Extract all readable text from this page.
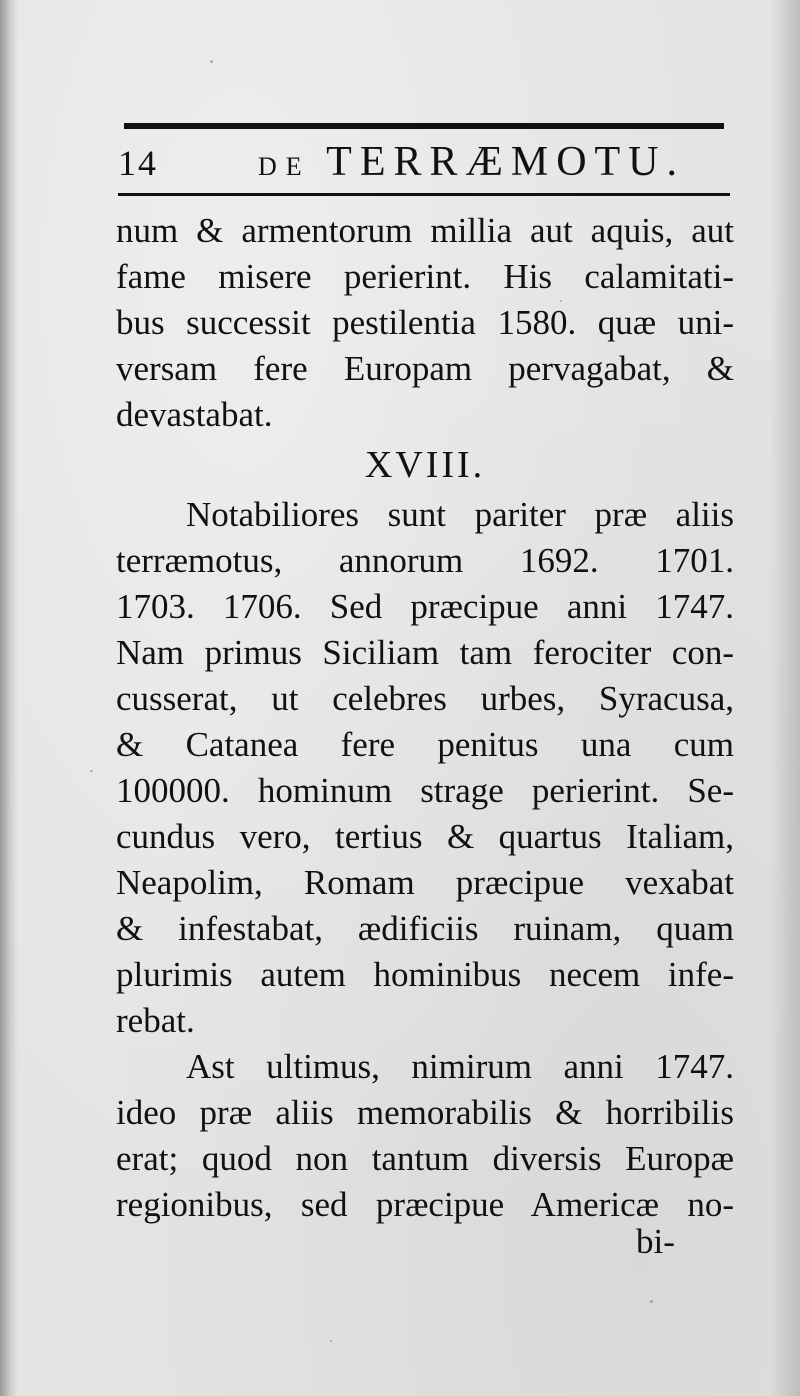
14	DE TERRÆMOTU.
num & armentorum millia aut aquis, aut
fame misere perierint. His calamitati-
bus successit pestilentia 1580. quæ uni-
versam fere Europam pervagabat, &
devastabat.
XVIII.
Notabiliores sunt pariter præ aliis
terræmotus, annorum 1692. 1701.
1703. 1706. Sed præcipue anni 1747.
Nam primus Siciliam tam ferociter con-
cusserat, ut celebres urbes, Syracusa,
& Catanea fere penitus una cum
100000. hominum strage perierint. Se-
cundus vero, tertius & quartus Italiam,
Neapolim, Romam præcipue vexabat
& infestabat, ædificiis ruinam, quam
plurimis autem hominibus necem infe-
rebat.
Ast ultimus, nimirum anni 1747.
ideo præ aliis memorabilis & horribilis
erat; quod non tantum diversis Europæ
regionibus, sed præcipue Americæ no-
bi-
